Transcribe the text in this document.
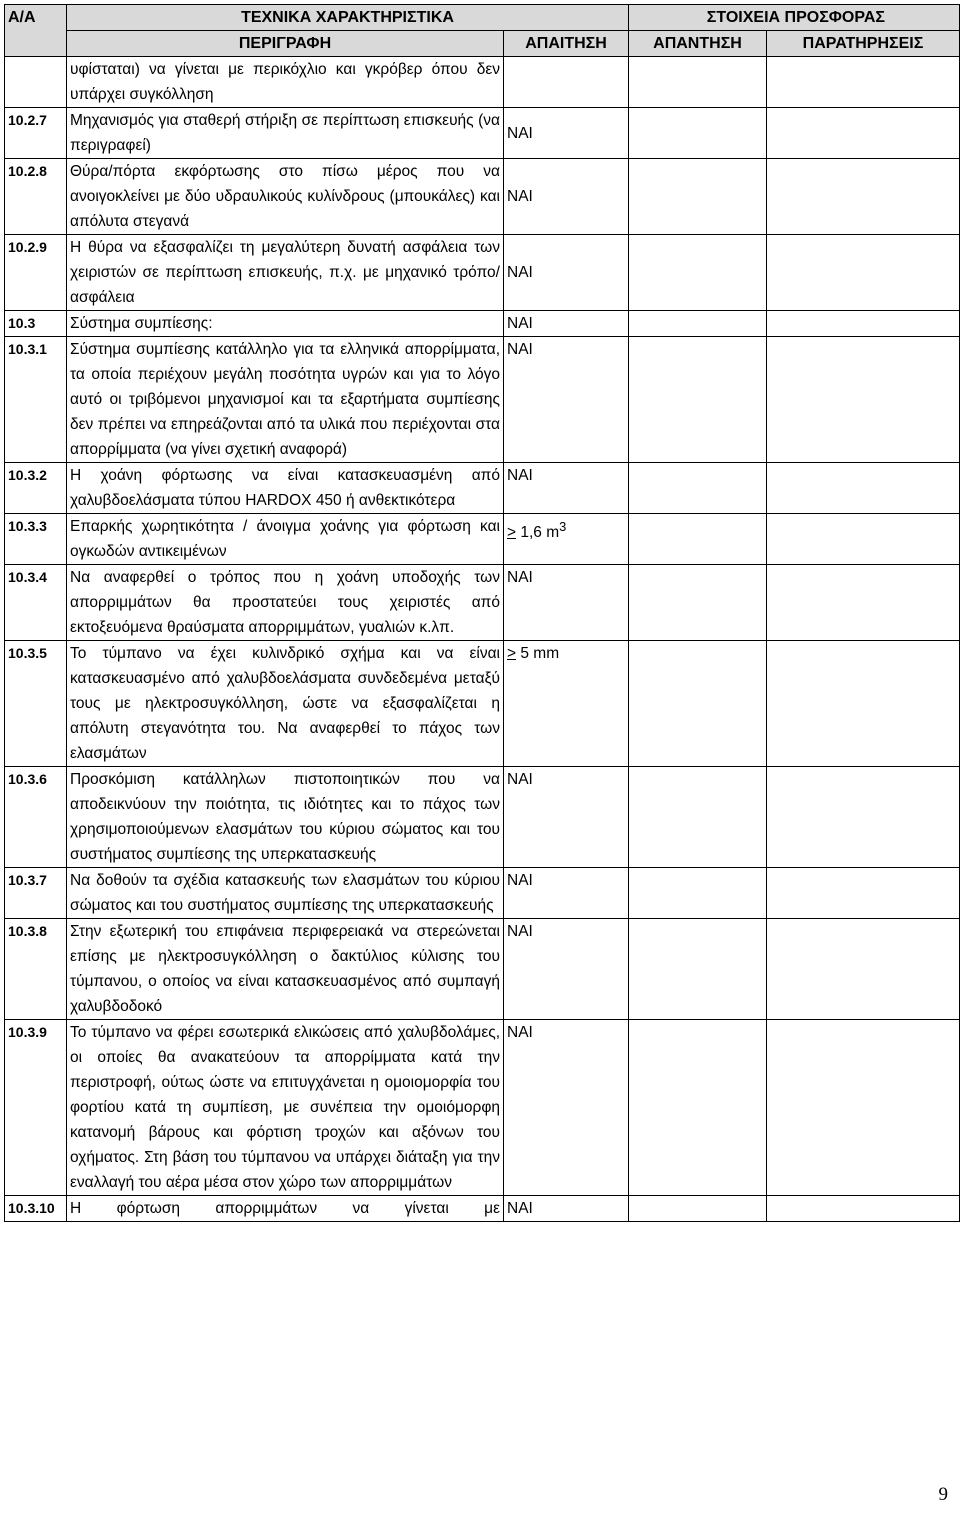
Α/Α	ΤΕΧΝΙΚΑ ΧΑΡΑΚΤΗΡΙΣΤΙΚΑ		ΣΤΟΙΧΕΙΑ ΠΡΟΣΦΟΡΑΣ	
	ΠΕΡΙΓΡΑΦΗ	ΑΠΑΙΤΗΣΗ	ΑΠΑΝΤΗΣΗ	ΠΑΡΑΤΗΡΗΣΕΙΣ
	υφίσταται) να γίνεται με περικόχλιο και γκρόβερ όπου δεν υπάρχει συγκόλληση			
10.2.7	Μηχανισμός για σταθερή στήριξη σε περίπτωση επισκευής (να περιγραφεί)	ΝΑΙ		
10.2.8	Θύρα/πόρτα εκφόρτωσης στο πίσω μέρος που να ανοιγοκλείνει με δύο υδραυλικούς κυλίνδρους (μπουκάλες) και απόλυτα στεγανά	ΝΑΙ		
10.2.9	Η θύρα να εξασφαλίζει τη μεγαλύτερη δυνατή ασφάλεια των χειριστών σε περίπτωση επισκευής, π.χ. με μηχανικό τρόπο/ασφάλεια	ΝΑΙ		
10.3	Σύστημα συμπίεσης:	ΝΑΙ		
10.3.1	Σύστημα συμπίεσης κατάλληλο για τα ελληνικά απορρίμματα, τα οποία περιέχουν μεγάλη ποσότητα υγρών και για το λόγο αυτό οι τριβόμενοι μηχανισμοί και τα εξαρτήματα συμπίεσης δεν πρέπει να επηρεάζονται από τα υλικά που περιέχονται στα απορρίμματα (να γίνει σχετική αναφορά)	ΝΑΙ		
10.3.2	Η χοάνη φόρτωσης να είναι κατασκευασμένη από χαλυβδοελάσματα τύπου HARDOX 450 ή ανθεκτικότερα	ΝΑΙ		
10.3.3	Επαρκής χωρητικότητα / άνοιγμα χοάνης για φόρτωση και ογκωδών αντικειμένων	≥ 1,6 $m^3$		
10.3.4	Να αναφερθεί ο τρόπος που η χοάνη υποδοχής των απορριμμάτων θα προστατεύει τους χειριστές από εκτοξευόμενα θραύσματα απορριμμάτων, γυαλιών κ.λπ.	ΝΑΙ		
10.3.5	Το τύμπανο να έχει κυλινδρικό σχήμα και να είναι κατασκευασμένο από χαλυβδοελάσματα συνδεδεμένα μεταξύ τους με ηλεκτροσυγκόλληση, ώστε να εξασφαλίζεται η απόλυτη στεγανότητα του. Να αναφερθεί το πάχος των ελασμάτων	≥ 5 mm		
10.3.6	Προσκόμιση κατάλληλων πιστοποιητικών που να αποδεικνύουν την ποιότητα, τις ιδιότητες και το πάχος των χρησιμοποιούμενων ελασμάτων του κύριου σώματος και του συστήματος συμπίεσης της υπερκατασκευής	ΝΑΙ		
10.3.7	Να δοθούν τα σχέδια κατασκευής των ελασμάτων του κύριου σώματος και του συστήματος συμπίεσης της υπερκατασκευής	ΝΑΙ		
10.3.8	Στην εξωτερική του επιφάνεια περιφερειακά να στερεώνεται επίσης με ηλεκτροσυγκόλληση ο δακτύλιος κύλισης του τύμπανου, ο οποίος να είναι κατασκευασμένος από συμπαγή χαλυβδοδοκό	ΝΑΙ		
10.3.9	Το τύμπανο να φέρει εσωτερικά ελικώσεις από χαλυβδολάμες, οι οποίες θα ανακατεύουν τα απορρίμματα κατά την περιστροφή, ούτως ώστε να επιτυγχάνεται η ομοιομορφία του φορτίου κατά τη συμπίεση, με συνέπεια την ομοιόμορφη κατανομή βάρους και φόρτιση τροχών και αξόνων του οχήματος. Στη βάση του τύμπανου να υπάρχει διάταξη για την εναλλαγή του αέρα μέσα στον χώρο των απορριμμάτων	ΝΑΙ		
10.3.10	Η φόρτωση απορριμμάτων να γίνεται με	ΝΑΙ		
9
